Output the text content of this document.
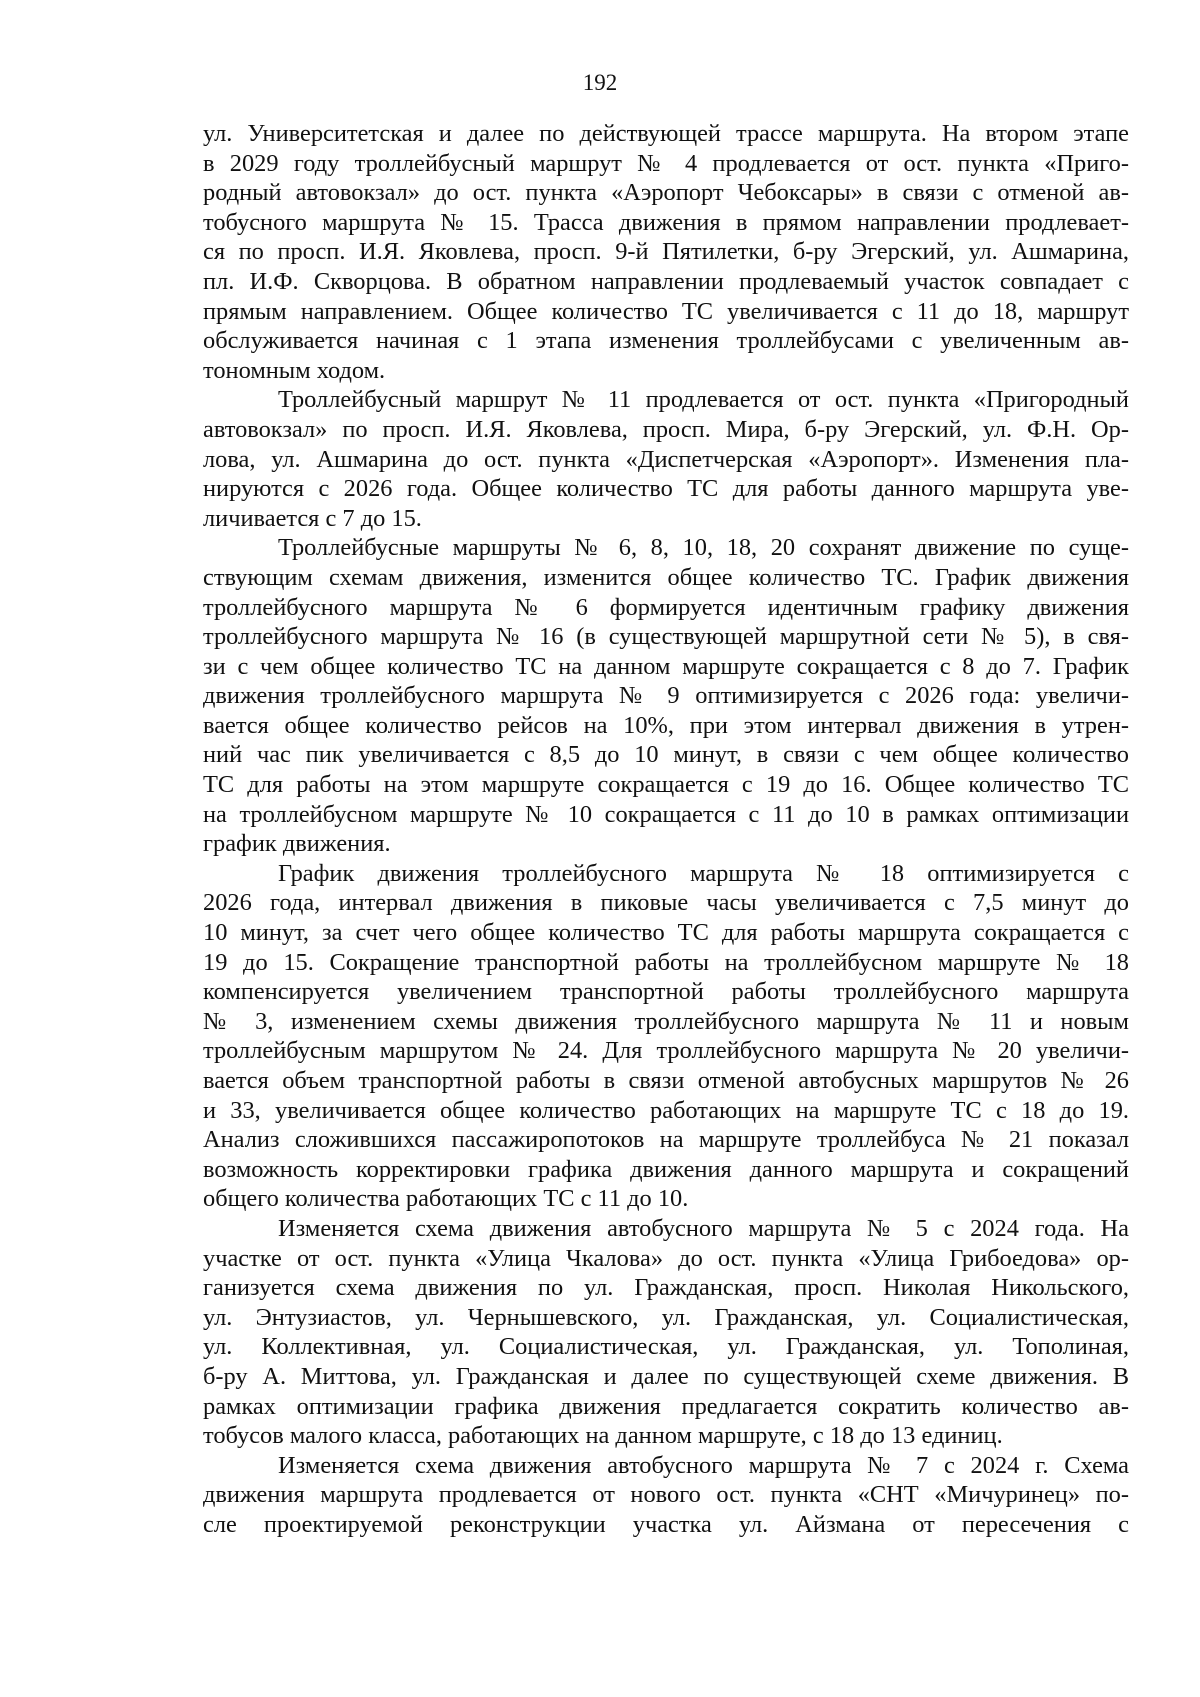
192
ул. Университетская и далее по действующей трассе маршрута. На втором этапе
в 2029 году троллейбусный маршрут № 4 продлевается от ост. пункта «Приго-
родный автовокзал» до ост. пункта «Аэропорт Чебоксары» в связи с отменой ав-
тобусного маршрута № 15. Трасса движения в прямом направлении продлевает-
ся по просп. И.Я. Яковлева, просп. 9-й Пятилетки, б-ру Эгерский, ул. Ашмарина,
пл. И.Ф. Скворцова. В обратном направлении продлеваемый участок совпадает с
прямым направлением. Общее количество ТС увеличивается с 11 до 18, маршрут
обслуживается начиная с 1 этапа изменения троллейбусами с увеличенным ав-
тономным ходом.
Троллейбусный маршрут № 11 продлевается от ост. пункта «Пригородный
автовокзал» по просп. И.Я. Яковлева, просп. Мира, б-ру Эгерский, ул. Ф.Н. Ор-
лова, ул. Ашмарина до ост. пункта «Диспетчерская «Аэропорт». Изменения пла-
нируются с 2026 года. Общее количество ТС для работы данного маршрута уве-
личивается с 7 до 15.
Троллейбусные маршруты № 6, 8, 10, 18, 20 сохранят движение по суще-
ствующим схемам движения, изменится общее количество ТС. График движения
троллейбусного маршрута № 6 формируется идентичным графику движения
троллейбусного маршрута № 16 (в существующей маршрутной сети № 5), в свя-
зи с чем общее количество ТС на данном маршруте сокращается с 8 до 7. График
движения троллейбусного маршрута № 9 оптимизируется с 2026 года: увеличи-
вается общее количество рейсов на 10%, при этом интервал движения в утрен-
ний час пик увеличивается с 8,5 до 10 минут, в связи с чем общее количество
ТС для работы на этом маршруте сокращается с 19 до 16. Общее количество ТС
на троллейбусном маршруте № 10 сокращается с 11 до 10 в рамках оптимизации
график движения.
График движения троллейбусного маршрута № 18 оптимизируется с
2026 года, интервал движения в пиковые часы увеличивается с 7,5 минут до
10 минут, за счет чего общее количество ТС для работы маршрута сокращается с
19 до 15. Сокращение транспортной работы на троллейбусном маршруте № 18
компенсируется увеличением транспортной работы троллейбусного маршрута
№ 3, изменением схемы движения троллейбусного маршрута № 11 и новым
троллейбусным маршрутом № 24. Для троллейбусного маршрута № 20 увеличи-
вается объем транспортной работы в связи отменой автобусных маршрутов № 26
и 33, увеличивается общее количество работающих на маршруте ТС с 18 до 19.
Анализ сложившихся пассажиропотоков на маршруте троллейбуса № 21 показал
возможность корректировки графика движения данного маршрута и сокращений
общего количества работающих ТС с 11 до 10.
Изменяется схема движения автобусного маршрута № 5 с 2024 года. На
участке от ост. пункта «Улица Чкалова» до ост. пункта «Улица Грибоедова» ор-
ганизуется схема движения по ул. Гражданская, просп. Николая Никольского,
ул. Энтузиастов, ул. Чернышевского, ул. Гражданская, ул. Социалистическая,
ул. Коллективная, ул. Социалистическая, ул. Гражданская, ул. Тополиная,
б-ру А. Миттова, ул. Гражданская и далее по существующей схеме движения. В
рамках оптимизации графика движения предлагается сократить количество ав-
тобусов малого класса, работающих на данном маршруте, с 18 до 13 единиц.
Изменяется схема движения автобусного маршрута № 7 с 2024 г. Схема
движения маршрута продлевается от нового ост. пункта «СНТ «Мичуринец» по-
сле проектируемой реконструкции участка ул. Айзмана от пересечения с
